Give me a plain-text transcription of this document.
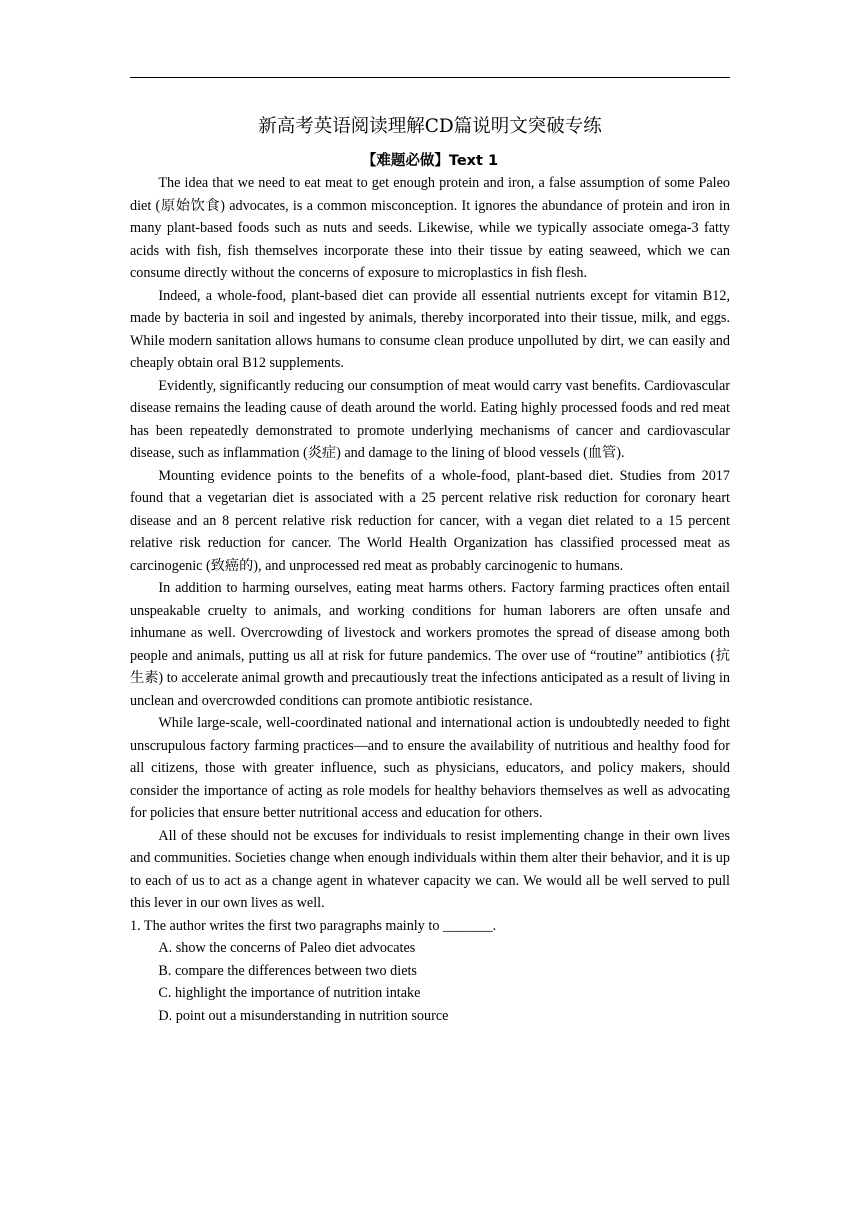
新高考英语阅读理解CD篇说明文突破专练
【难题必做】Text 1

The idea that we need to eat meat to get enough protein and iron, a false assumption of some Paleo diet (原始饮食) advocates, is a common misconception. It ignores the abundance of protein and iron in many plant-based foods such as nuts and seeds. Likewise, while we typically associate omega-3 fatty acids with fish, fish themselves incorporate these into their tissue by eating seaweed, which we can consume directly without the concerns of exposure to microplastics in fish flesh.

Indeed, a whole-food, plant-based diet can provide all essential nutrients except for vitamin B12, made by bacteria in soil and ingested by animals, thereby incorporated into their tissue, milk, and eggs. While modern sanitation allows humans to consume clean produce unpolluted by dirt, we can easily and cheaply obtain oral B12 supplements.

Evidently, significantly reducing our consumption of meat would carry vast benefits. Cardiovascular disease remains the leading cause of death around the world. Eating highly processed foods and red meat has been repeatedly demonstrated to promote underlying mechanisms of cancer and cardiovascular disease, such as inflammation (炎症) and damage to the lining of blood vessels (血管).

Mounting evidence points to the benefits of a whole-food, plant-based diet. Studies from 2017 found that a vegetarian diet is associated with a 25 percent relative risk reduction for coronary heart disease and an 8 percent relative risk reduction for cancer, with a vegan diet related to a 15 percent relative risk reduction for cancer. The World Health Organization has classified processed meat as carcinogenic (致癌的), and unprocessed red meat as probably carcinogenic to humans.

In addition to harming ourselves, eating meat harms others. Factory farming practices often entail unspeakable cruelty to animals, and working conditions for human laborers are often unsafe and inhumane as well. Overcrowding of livestock and workers promotes the spread of disease among both people and animals, putting us all at risk for future pandemics. The over use of “routine” antibiotics (抗生素) to accelerate animal growth and precautiously treat the infections anticipated as a result of living in unclean and overcrowded conditions can promote antibiotic resistance.

While large-scale, well-coordinated national and international action is undoubtedly needed to fight unscrupulous factory farming practices—and to ensure the availability of nutritious and healthy food for all citizens, those with greater influence, such as physicians, educators, and policy makers, should consider the importance of acting as role models for healthy behaviors themselves as well as advocating for policies that ensure better nutritional access and education for others.

All of these should not be excuses for individuals to resist implementing change in their own lives and communities. Societies change when enough individuals within them alter their behavior, and it is up to each of us to act as a change agent in whatever capacity we can. We would all be well served to pull this lever in our own lives as well.

1. The author writes the first two paragraphs mainly to _______.
A. show the concerns of Paleo diet advocates
B. compare the differences between two diets
C. highlight the importance of nutrition intake
D. point out a misunderstanding in nutrition source
